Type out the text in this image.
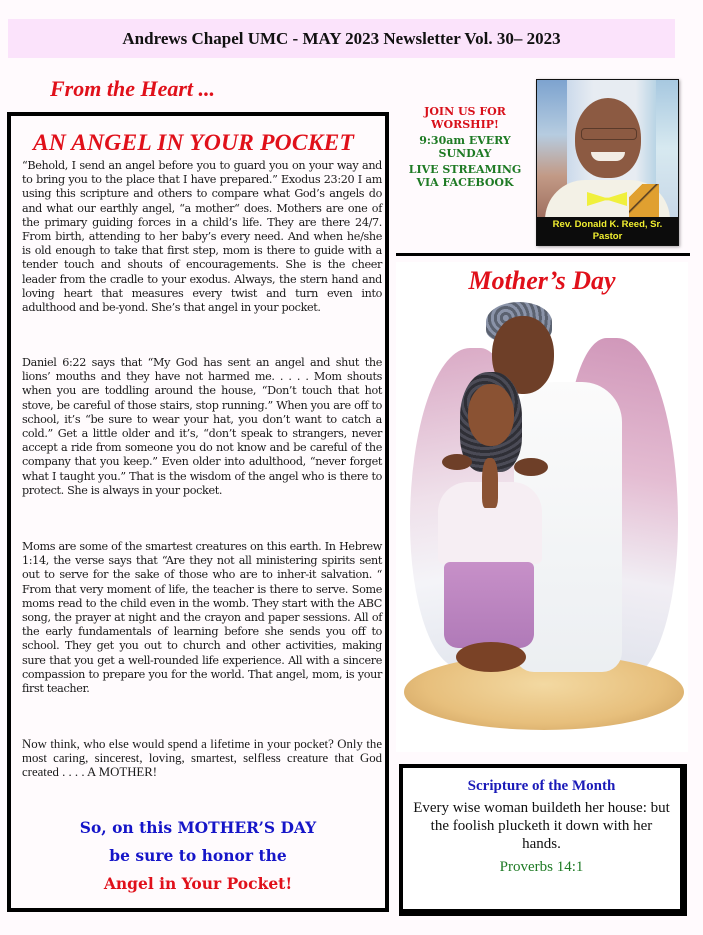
Andrews Chapel UMC - MAY 2023 Newsletter Vol. 30– 2023
From the Heart ...
AN ANGEL IN YOUR POCKET
“Behold, I send an angel before you to guard you on your way and to bring you to the place that I have prepared.” Exodus 23:20 I am using this scripture and others to compare what God’s angels do and what our earthly angel, “a mother“ does. Mothers are one of the primary guiding forces in a child’s life. They are there 24/7. From birth, attending to her baby’s every need. And when he/she is old enough to take that first step, mom is there to guide with a tender touch and shouts of encouragements. She is the cheer leader from the cradle to your exodus. Always, the stern hand and loving heart that measures every twist and turn even into adulthood and be-yond. She’s that angel in your pocket.
Daniel 6:22 says that “My God has sent an angel and shut the lions’ mouths and they have not harmed me. . . . . Mom shouts when you are toddling around the house, “Don’t touch that hot stove, be careful of those stairs, stop running.” When you are off to school, it’s “be sure to wear your hat, you don’t want to catch a cold.” Get a little older and it’s, “don’t speak to strangers, never accept a ride from someone you do not know and be careful of the company that you keep.” Even older into adulthood, “never forget what I taught you.” That is the wisdom of the angel who is there to protect. She is always in your pocket.
Moms are some of the smartest creatures on this earth. In Hebrew 1:14, the verse says that “Are they not all ministering spirits sent out to serve for the sake of those who are to inher-it salvation. “ From that very moment of life, the teacher is there to serve. Some moms read to the child even in the womb. They start with the ABC song, the prayer at night and the crayon and paper sessions. All of the early fundamentals of learning before she sends you off to school. They get you out to church and other activities, making sure that you get a well-rounded life experience. All with a sincere compassion to prepare you for the world. That angel, mom, is your first teacher.
Now think, who else would spend a lifetime in your pocket? Only the most caring, sincerest, loving, smartest, selfless creature that God created . . . . A MOTHER!
So, on this MOTHER’S DAY
be sure to honor the
Angel in Your Pocket!
JOIN US FOR WORSHIP!
9:30am EVERY SUNDAY
LIVE STREAMING VIA FACEBOOK
Rev. Donald K. Reed, Sr.
Pastor
Mother’s Day
Scripture of the Month
Every wise woman buildeth her house: but the foolish plucketh it down with her hands.
Proverbs 14:1
